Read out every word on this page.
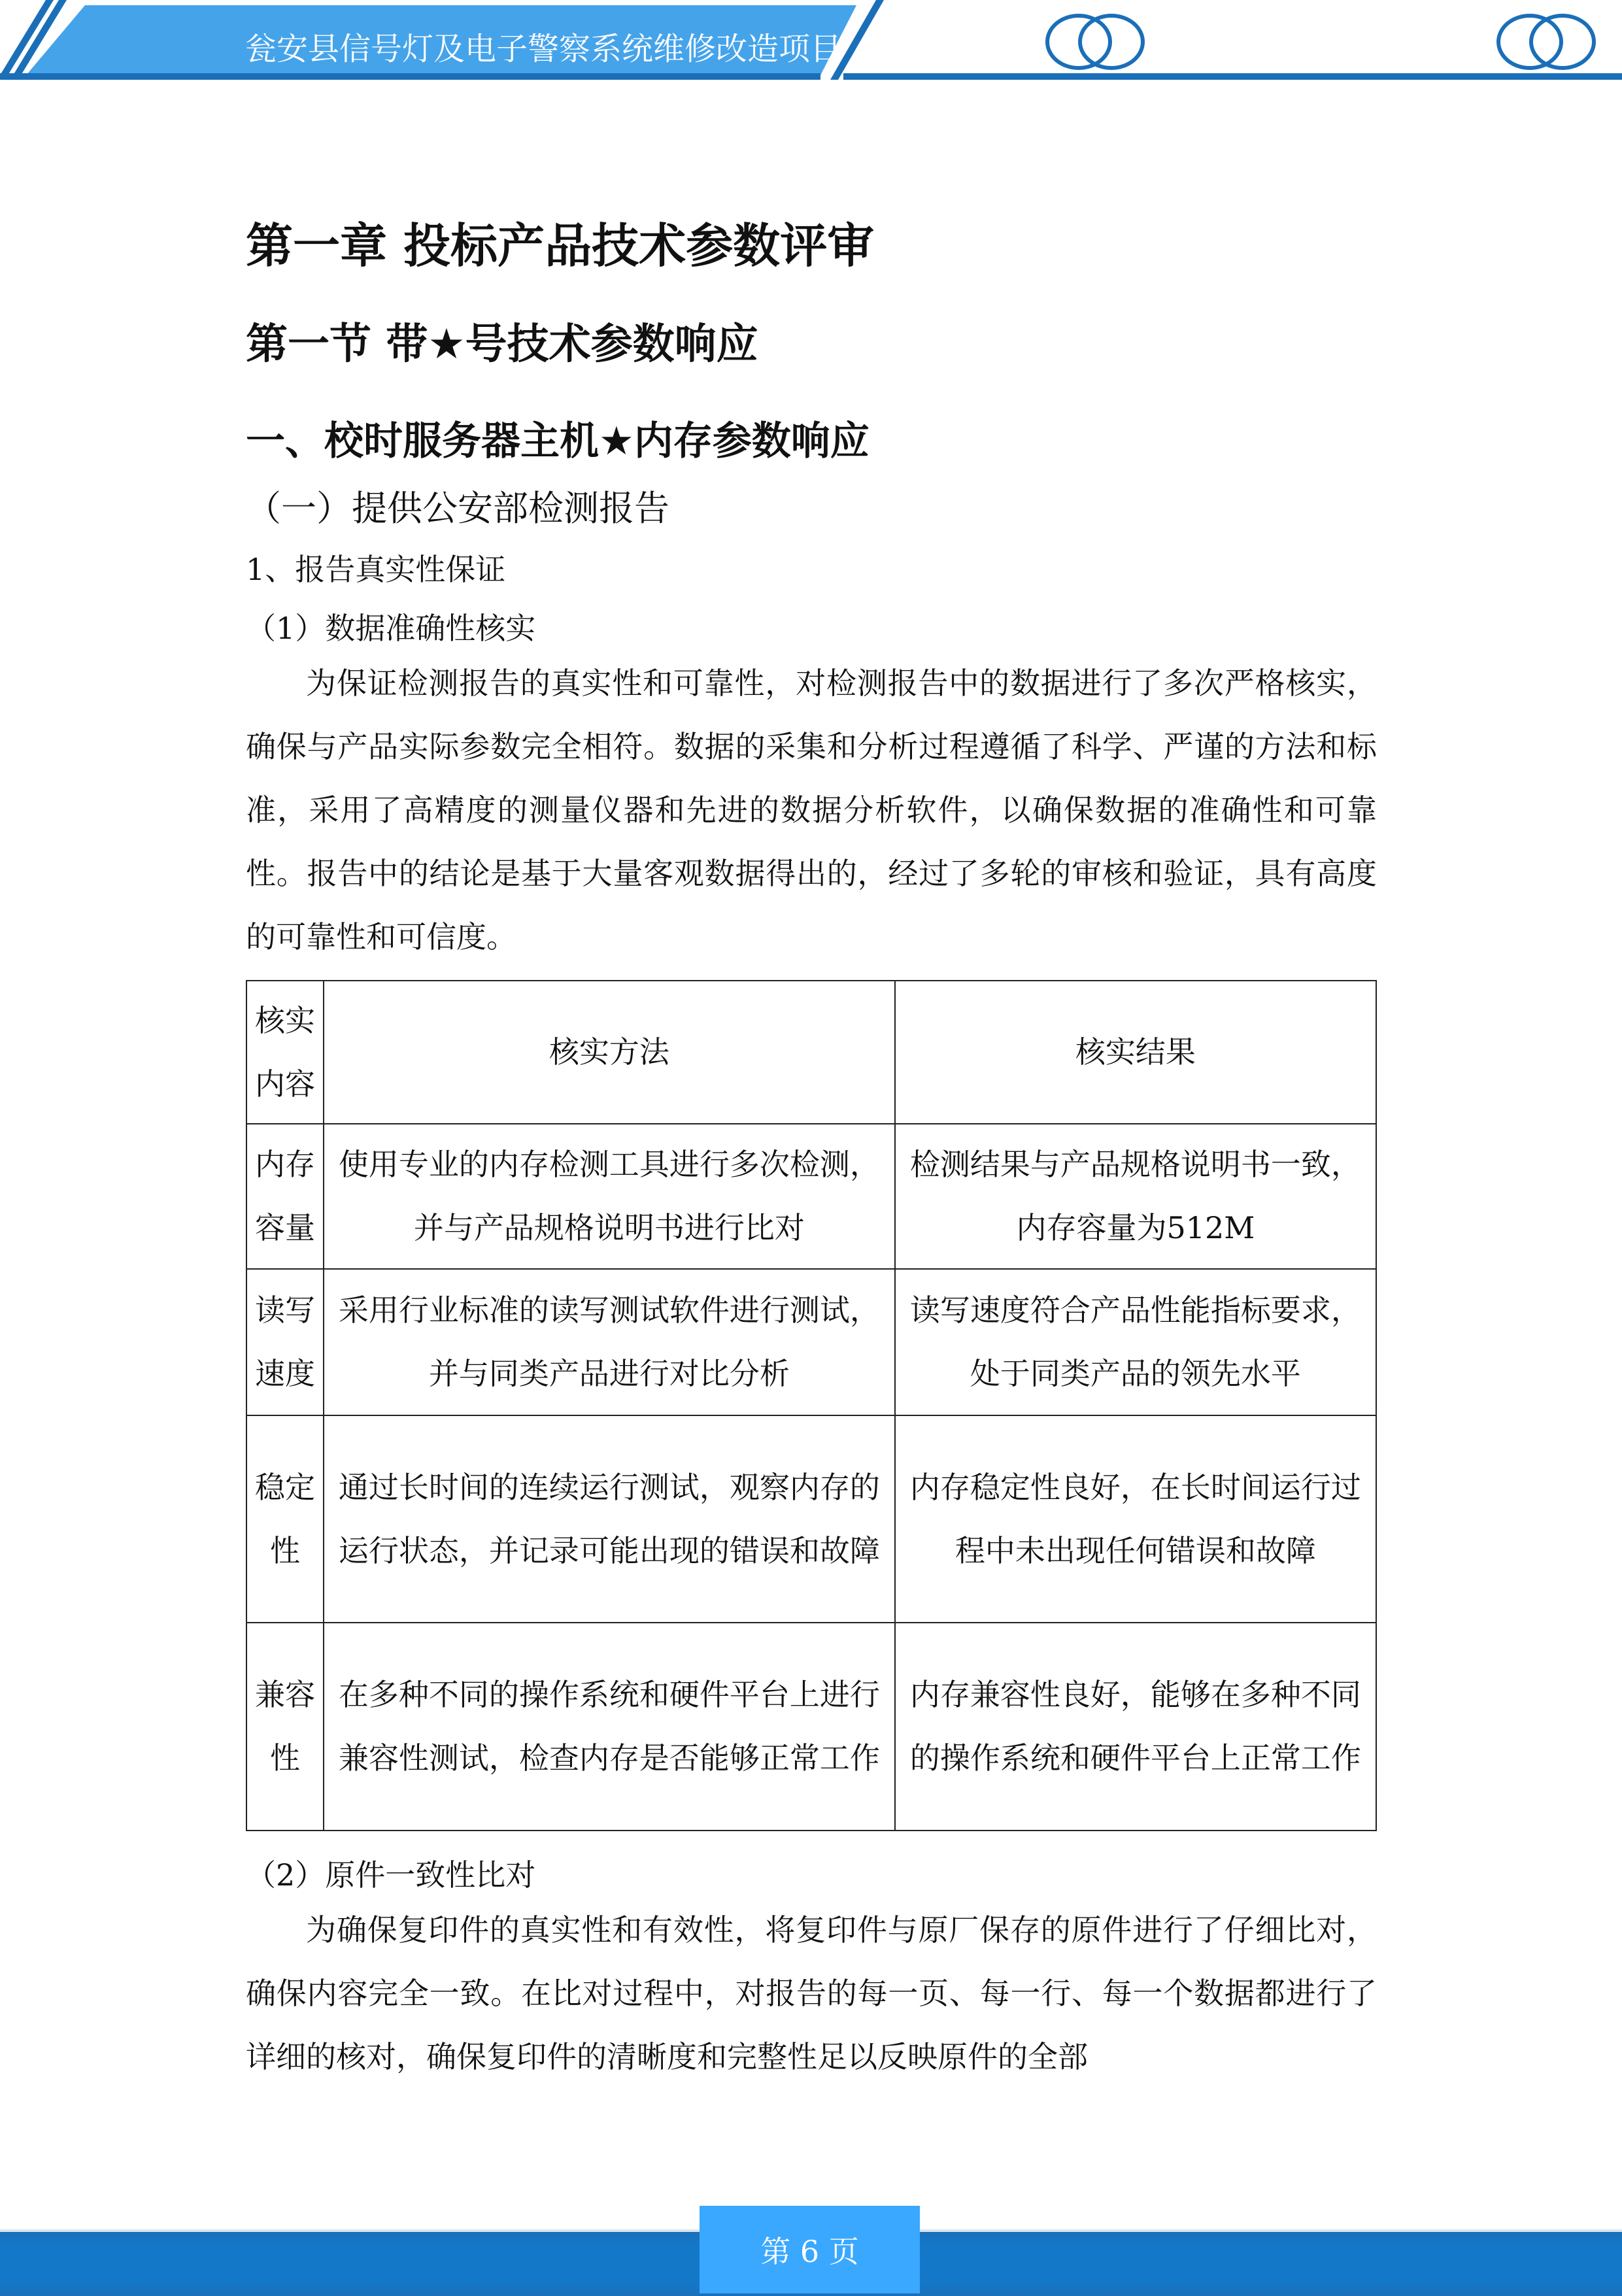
瓮安县信号灯及电子警察系统维修改造项目
第一章 投标产品技术参数评审
第一节 带★号技术参数响应
一、校时服务器主机★内存参数响应
（一）提供公安部检测报告
1、报告真实性保证
（1）数据准确性核实
为保证检测报告的真实性和可靠性，对检测报告中的数据进行了多次严格核实，确保与产品实际参数完全相符。数据的采集和分析过程遵循了科学、严谨的方法和标准，采用了高精度的测量仪器和先进的数据分析软件，以确保数据的准确性和可靠性。报告中的结论是基于大量客观数据得出的，经过了多轮的审核和验证，具有高度的可靠性和可信度。
核实内容	核实方法	核实结果
内存容量	使用专业的内存检测工具进行多次检测，并与产品规格说明书进行比对	检测结果与产品规格说明书一致，内存容量为512M
读写速度	采用行业标准的读写测试软件进行测试，并与同类产品进行对比分析	读写速度符合产品性能指标要求，处于同类产品的领先水平
稳定性	通过长时间的连续运行测试，观察内存的运行状态，并记录可能出现的错误和故障	内存稳定性良好，在长时间运行过程中未出现任何错误和故障
兼容性	在多种不同的操作系统和硬件平台上进行兼容性测试，检查内存是否能够正常工作	内存兼容性良好，能够在多种不同的操作系统和硬件平台上正常工作
（2）原件一致性比对
为确保复印件的真实性和有效性，将复印件与原厂保存的原件进行了仔细比对，确保内容完全一致。在比对过程中，对报告的每一页、每一行、每一个数据都进行了详细的核对，确保复印件的清晰度和完整性足以反映原件的全部
第 6 页
